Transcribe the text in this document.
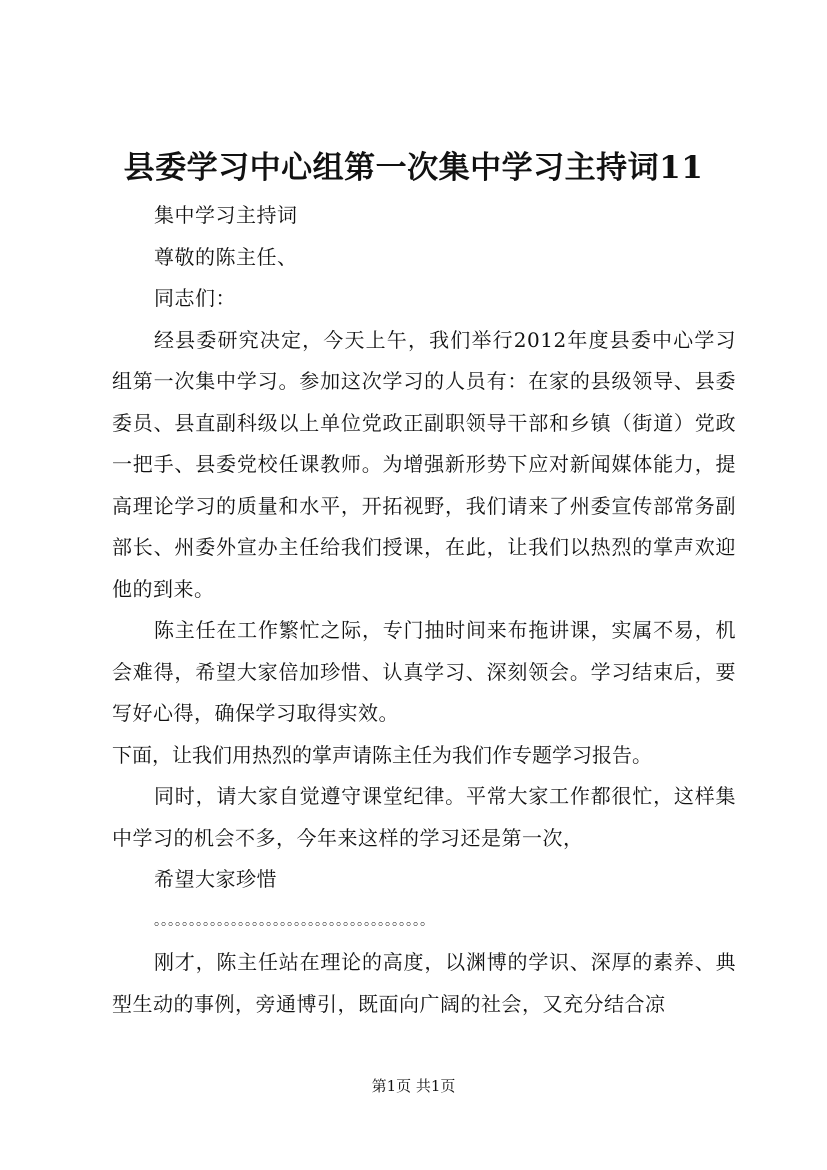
县委学习中心组第一次集中学习主持词11

集中学习主持词

尊敬的陈主任、

同志们：

经县委研究决定，今天上午，我们举行2012年度县委中心学习组第一次集中学习。参加这次学习的人员有：在家的县级领导、县委委员、县直副科级以上单位党政正副职领导干部和乡镇（街道）党政一把手、县委党校任课教师。为增强新形势下应对新闻媒体能力，提高理论学习的质量和水平，开拓视野，我们请来了州委宣传部常务副部长、州委外宣办主任给我们授课，在此，让我们以热烈的掌声欢迎他的到来。

陈主任在工作繁忙之际，专门抽时间来布拖讲课，实属不易，机会难得，希望大家倍加珍惜、认真学习、深刻领会。学习结束后，要写好心得，确保学习取得实效。

下面，让我们用热烈的掌声请陈主任为我们作专题学习报告。

同时，请大家自觉遵守课堂纪律。平常大家工作都很忙，这样集中学习的机会不多，今年来这样的学习还是第一次，

希望大家珍惜

。。。。。。。。。。。。。。。。。。。。。。。。。。。。。。。。。。。。。。。

刚才，陈主任站在理论的高度，以渊博的学识、深厚的素养、典型生动的事例，旁通博引，既面向广阔的社会，又充分结合凉

第1页 共1页
